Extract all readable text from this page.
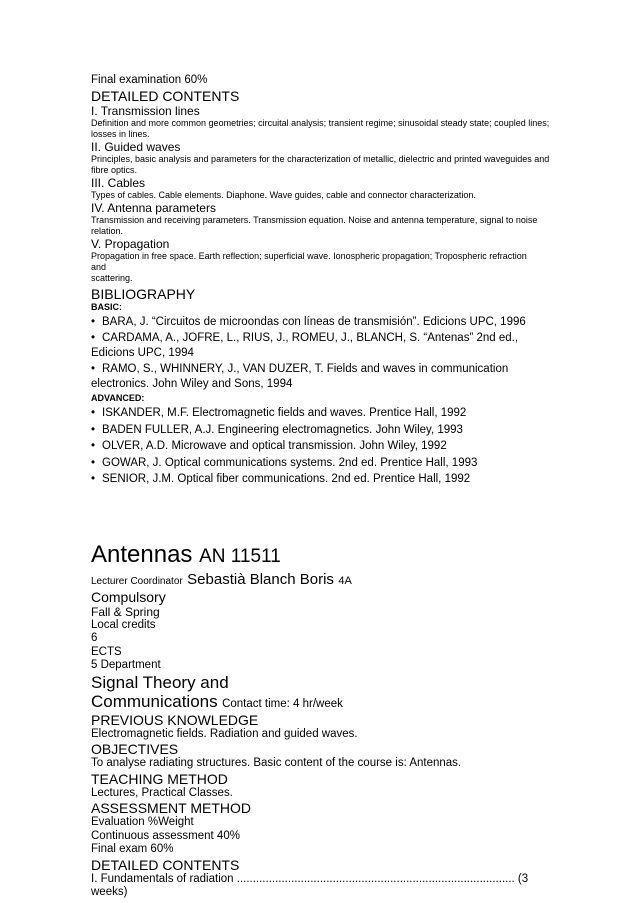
Final examination 60%
DETAILED CONTENTS
I. Transmission lines
Definition and more common geometries; circuital analysis; transient regime; sinusoidal steady state; coupled lines; losses in lines.
II. Guided waves
Principles, basic analysis and parameters for the characterization of metallic, dielectric and printed waveguides and fibre optics.
III. Cables
Types of cables. Cable elements. Diaphone. Wave guides, cable and connector characterization.
IV. Antenna parameters
Transmission and receiving parameters. Transmission equation. Noise and antenna temperature, signal to noise relation.
V. Propagation
Propagation in free space. Earth reflection; superficial wave. Ionospheric propagation; Tropospheric refraction
and
scattering.
BIBLIOGRAPHY
BASIC:
• BARA, J. “Circuitos de microondas con líneas de transmisión”. Edicions UPC, 1996
• CARDAMA, A., JOFRE, L., RIUS, J., ROMEU, J., BLANCH, S. “Antenas” 2nd ed., Edicions UPC, 1994
• RAMO, S., WHINNERY, J., VAN DUZER, T. Fields and waves in communication electronics. John Wiley and Sons, 1994
ADVANCED:
• ISKANDER, M.F. Electromagnetic fields and waves. Prentice Hall, 1992
• BADEN FULLER, A.J. Engineering electromagnetics. John Wiley, 1993
• OLVER, A.D. Microwave and optical transmission. John Wiley, 1992
• GOWAR, J. Optical communications systems. 2nd ed. Prentice Hall, 1993
• SENIOR, J.M. Optical fiber communications. 2nd ed. Prentice Hall, 1992
Antennas AN 11511
Lecturer Coordinator Sebastià Blanch Boris 4A
Compulsory
Fall & Spring
Local credits
6
ECTS
5 Department
Signal Theory and
Communications Contact time: 4 hr/week
PREVIOUS KNOWLEDGE
Electromagnetic fields. Radiation and guided waves.
OBJECTIVES
To analyse radiating structures. Basic content of the course is: Antennas.
TEACHING METHOD
Lectures, Practical Classes.
ASSESSMENT METHOD
Evaluation %Weight
Continuous assessment 40%
Final exam 60%
DETAILED CONTENTS
I. Fundamentals of radiation ....................................................................................... (3 weeks)
